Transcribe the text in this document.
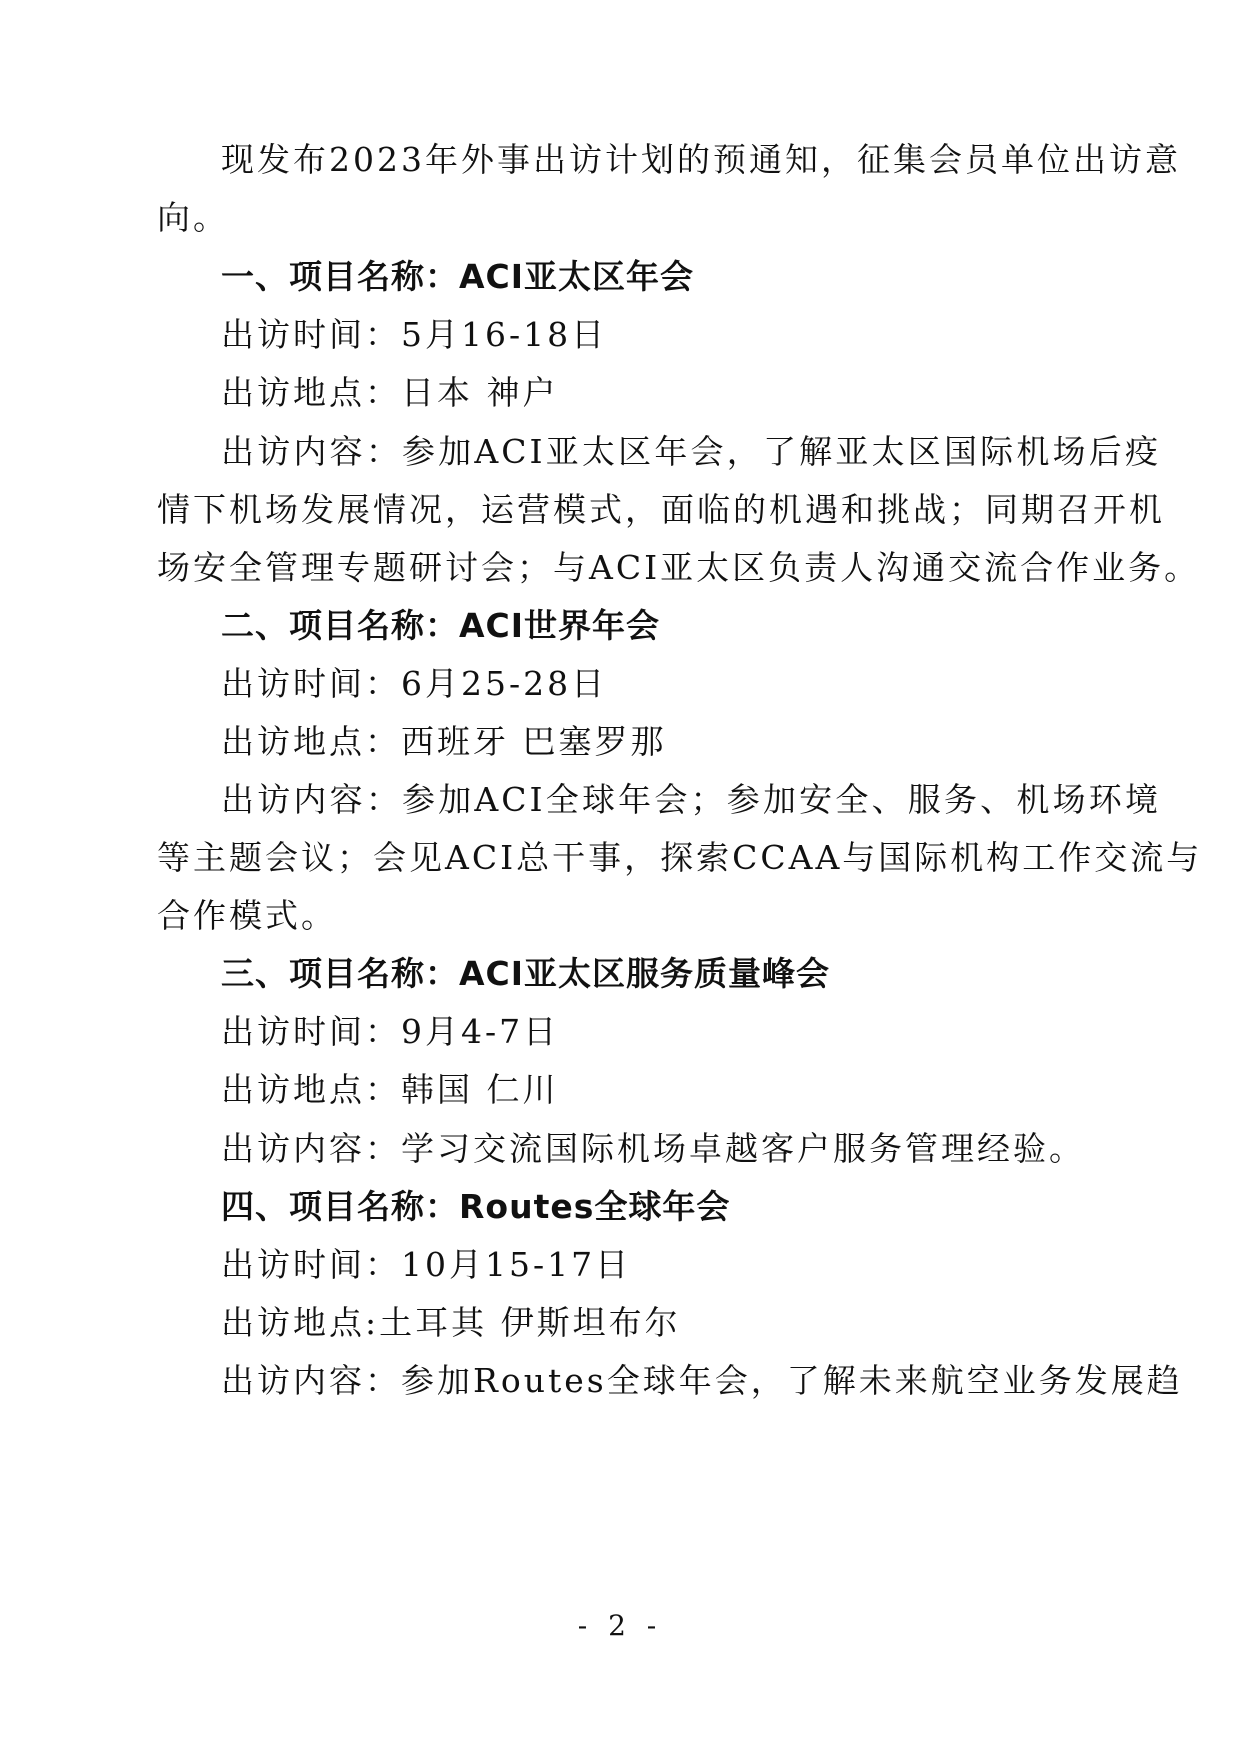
现发布2023年外事出访计划的预通知，征集会员单位出访意
向。
一、项目名称：ACI亚太区年会
出访时间：5月16-18日
出访地点：日本 神户
出访内容：参加ACI亚太区年会，了解亚太区国际机场后疫
情下机场发展情况，运营模式，面临的机遇和挑战；同期召开机
场安全管理专题研讨会；与ACI亚太区负责人沟通交流合作业务。
二、项目名称：ACI世界年会
出访时间：6月25-28日
出访地点：西班牙 巴塞罗那
出访内容：参加ACI全球年会；参加安全、服务、机场环境
等主题会议；会见ACI总干事，探索CCAA与国际机构工作交流与
合作模式。
三、项目名称：ACI亚太区服务质量峰会
出访时间：9月4-7日
出访地点：韩国 仁川
出访内容：学习交流国际机场卓越客户服务管理经验。
四、项目名称：Routes全球年会
出访时间：10月15-17日
出访地点:土耳其 伊斯坦布尔
出访内容：参加Routes全球年会，了解未来航空业务发展趋
- 2 -
